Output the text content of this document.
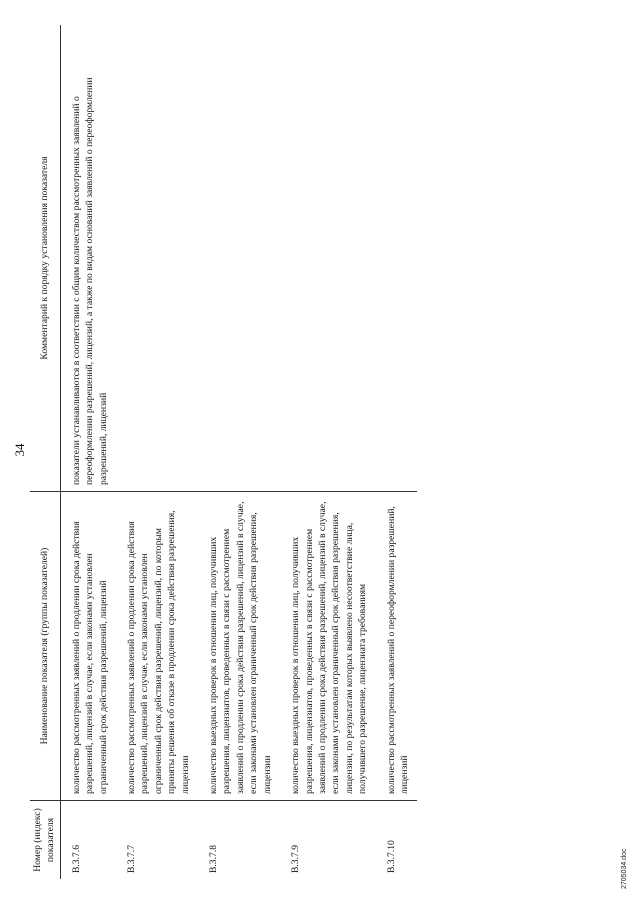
34
Номер (индекс) показателя	Наименование показателя (группы показателей)	Комментарий к порядку установления показателя
В.3.7.6	количество рассмотренных заявлений о продлении срока действия разрешений, лицензий в случае, если законами установлен ограниченный срок действия разрешений, лицензий	показатели устанавливаются в соответствии с общим количеством рассмотренных заявлений о переоформлении разрешений, лицензий, а также по видам оснований заявлений о переоформлении разрешений, лицензий
В.3.7.7	количество рассмотренных заявлений о продлении срока действия разрешений, лицензий в случае, если законами установлен ограниченный срок действия разрешений, лицензий, по которым приняты решения об отказе в продлении срока действия разрешения, лицензии	
В.3.7.8	количество выездных проверок в отношении лиц, получивших разрешения, лицензиатов, проведенных в связи с рассмотрением заявлений о продлении срока действия разрешений, лицензий в случае, если законами установлен ограниченный срок действия разрешения, лицензии	
В.3.7.9	количество выездных проверок в отношении лиц, получивших разрешения, лицензиатов, проведенных в связи с рассмотрением заявлений о продлении срока действия разрешений, лицензий в случае, если законами установлен ограниченный срок действия разрешения, лицензии, по результатам которых выявлено несоответствие лица, получившего разрешение, лицензиата требованиям	
В.3.7.10	количество рассмотренных заявлений о переоформлении разрешений, лицензий	
2705034.doc
